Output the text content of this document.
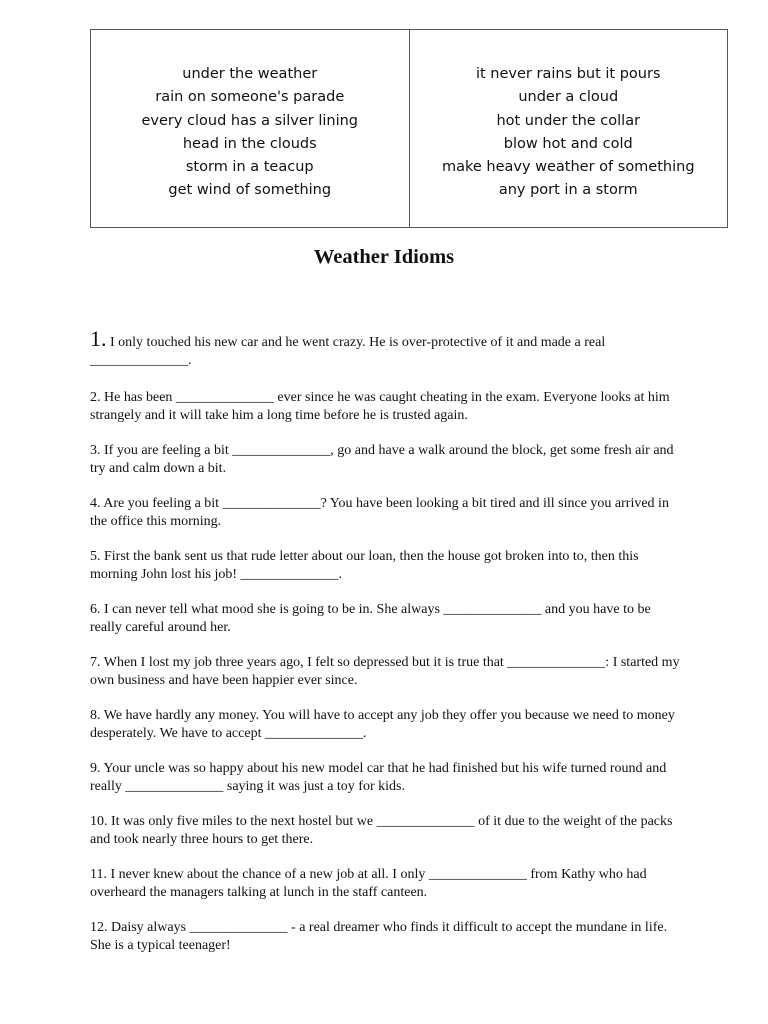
under the weather
rain on someone's parade
every cloud has a silver lining
head in the clouds
storm in a teacup
get wind of something
it never rains but it pours
under a cloud
hot under the collar
blow hot and cold
make heavy weather of something
any port in a storm
Weather Idioms

1. I only touched his new car and he went crazy. He is over-protective of it and made a real ______________.

2. He has been ______________ ever since he was caught cheating in the exam. Everyone looks at him strangely and it will take him a long time before he is trusted again.

3. If you are feeling a bit ______________, go and have a walk around the block, get some fresh air and try and calm down a bit.

4. Are you feeling a bit ______________? You have been looking a bit tired and ill since you arrived in the office this morning.

5. First the bank sent us that rude letter about our loan, then the house got broken into to, then this morning John lost his job! ______________.

6. I can never tell what mood she is going to be in. She always ______________ and you have to be really careful around her.

7. When I lost my job three years ago, I felt so depressed but it is true that ______________: I started my own business and have been happier ever since.

8. We have hardly any money. You will have to accept any job they offer you because we need to money desperately. We have to accept ______________.

9. Your uncle was so happy about his new model car that he had finished but his wife turned round and really ______________ saying it was just a toy for kids.

10. It was only five miles to the next hostel but we ______________ of it due to the weight of the packs and took nearly three hours to get there.

11. I never knew about the chance of a new job at all. I only ______________ from Kathy who had overheard the managers talking at lunch in the staff canteen.

12. Daisy always ______________ - a real dreamer who finds it difficult to accept the mundane in life. She is a typical teenager!
